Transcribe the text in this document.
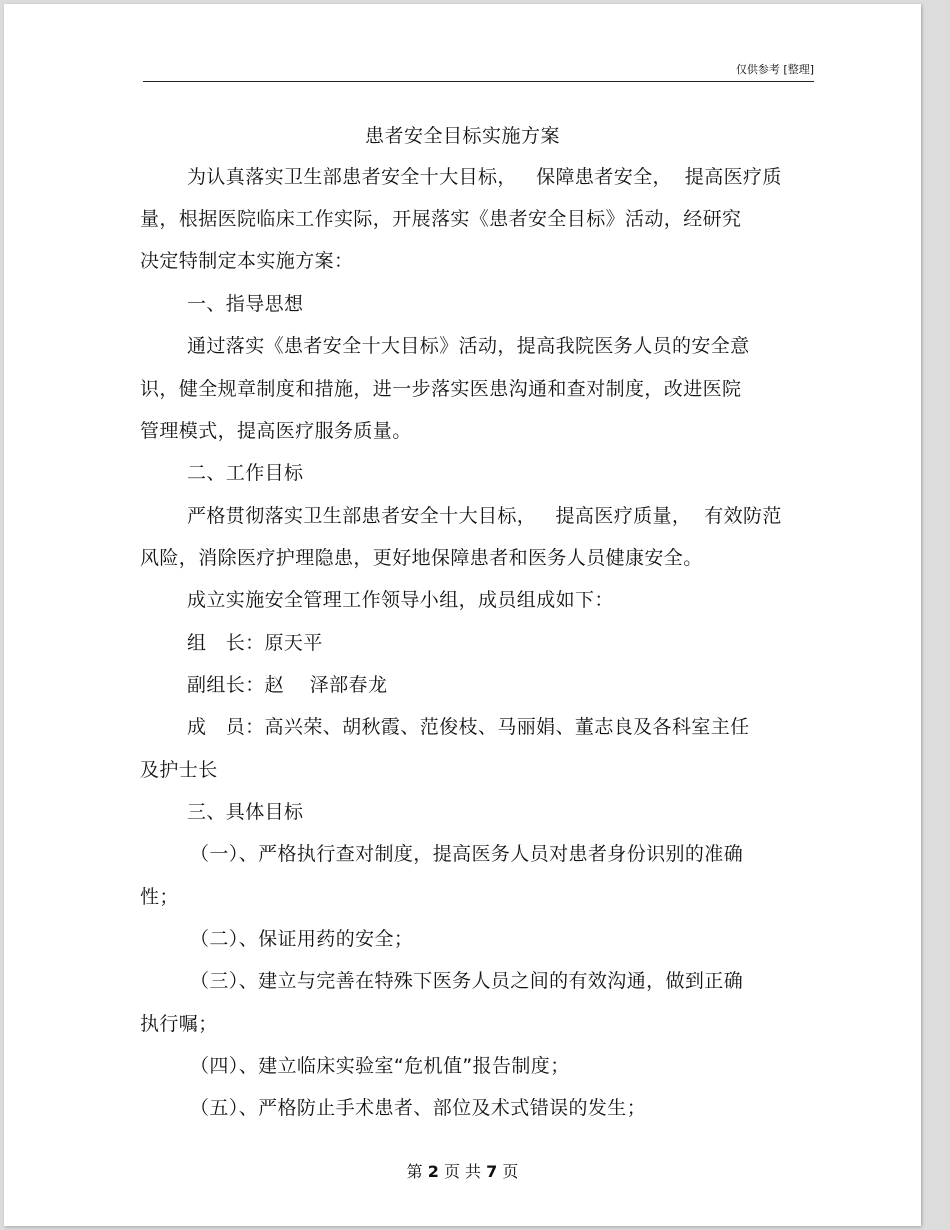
仅供参考 [整理]
患者安全目标实施方案
为认真落实卫生部患者安全十大目标，   保障患者安全，  提高医疗质
量，根据医院临床工作实际，开展落实《患者安全目标》活动，经研究
决定特制定本实施方案：
一、指导思想
通过落实《患者安全十大目标》活动，提高我院医务人员的安全意
识，健全规章制度和措施，进一步落实医患沟通和查对制度，改进医院
管理模式，提高医疗服务质量。
二、工作目标
严格贯彻落实卫生部患者安全十大目标，   提高医疗质量，  有效防范
风险，消除医疗护理隐患，更好地保障患者和医务人员健康安全。
成立实施安全管理工作领导小组，成员组成如下：
组   长：原天平
副组长：赵    泽部春龙
成   员：高兴荣、胡秋霞、范俊枝、马丽娟、董志良及各科室主任
及护士长
三、具体目标
（一）、严格执行查对制度，提高医务人员对患者身份识别的准确
性；
（二）、保证用药的安全；
（三）、建立与完善在特殊下医务人员之间的有效沟通，做到正确
执行嘱；
（四）、建立临床实验室“危机值”报告制度；
（五）、严格防止手术患者、部位及术式错误的发生；
第 2 页 共 7 页
